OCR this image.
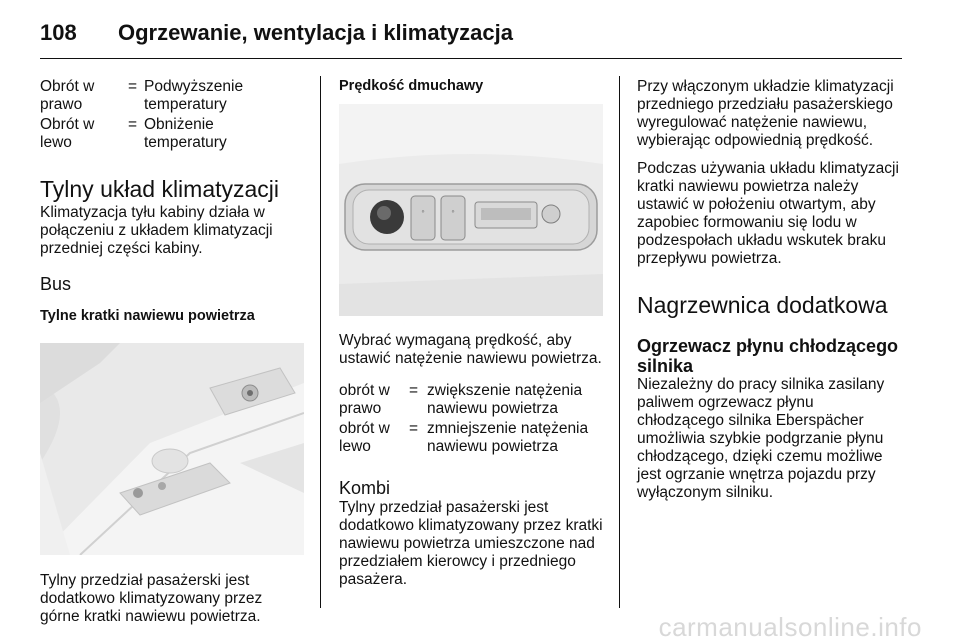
108 Ogrzewanie, wentylacja i klimatyzacja
Obrót w
prawo	=	Podwyższenie
temperatury
Obrót w
lewo	=	Obniżenie
temperatury
Tylny układ klimatyzacji

Klimatyzacja tyłu kabiny działa w połączeniu z układem klimatyzacji przedniej części kabiny.

Bus
Tylne kratki nawiewu powietrza

Tylny przedział pasażerski jest dodatkowo klimatyzowany przez górne kratki nawiewu powietrza.

Prędkość dmuchawy
◦	◦

Wybrać wymaganą prędkość, aby ustawić natężenie nawiewu powietrza.

obrót w
prawo	=	zwiększenie natężenia
nawiewu powietrza
obrót w
lewo	=	zmniejszenie natężenia
nawiewu powietrza
Kombi

Tylny przedział pasażerski jest dodatkowo klimatyzowany przez kratki nawiewu powietrza umieszczone nad przedziałem kierowcy i przedniego pasażera.

Przy włączonym układzie klimatyzacji przedniego przedziału pasażerskiego wyregulować natężenie nawiewu, wybierając odpowiednią prędkość.

Podczas używania układu klimatyzacji kratki nawiewu powietrza należy ustawić w położeniu otwartym, aby zapobiec formowaniu się lodu w podzespołach układu wskutek braku przepływu powietrza.

Nagrzewnica dodatkowa
Ogrzewacz płynu chłodzącego silnika

Niezależny do pracy silnika zasilany paliwem ogrzewacz płynu chłodzącego silnika Eberspächer umożliwia szybkie podgrzanie płynu chłodzącego, dzięki czemu możliwe jest ogrzanie wnętrza pojazdu przy wyłączonym silniku.

carmanualsonline.info
